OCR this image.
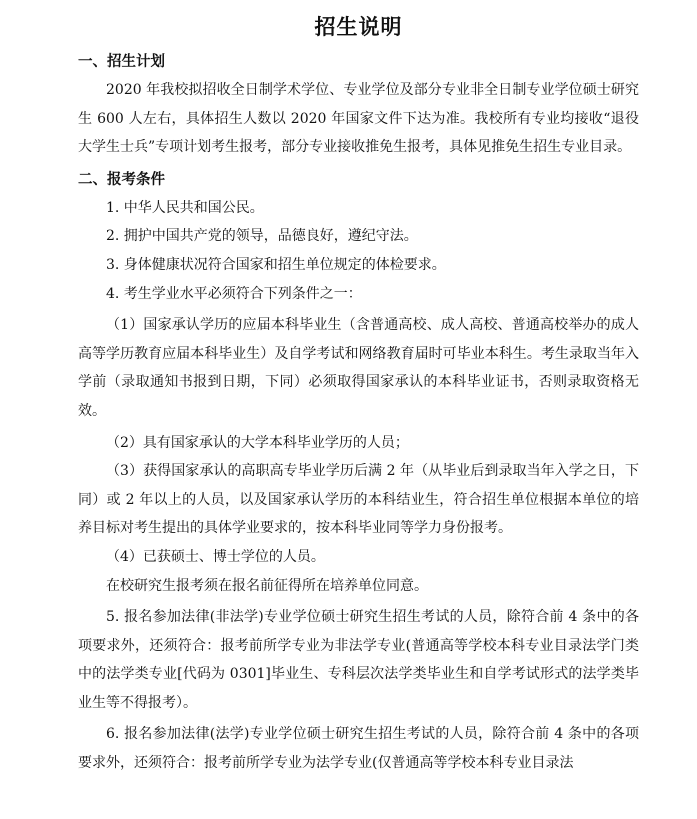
招生说明
一、招生计划
2020 年我校拟招收全日制学术学位、专业学位及部分专业非全日制专业学位硕士研究生 600 人左右，具体招生人数以 2020 年国家文件下达为准。我校所有专业均接收“退役大学生士兵”专项计划考生报考，部分专业接收推免生报考，具体见推免生招生专业目录。
二、报考条件
1. 中华人民共和国公民。
2. 拥护中国共产党的领导，品德良好，遵纪守法。
3. 身体健康状况符合国家和招生单位规定的体检要求。
4. 考生学业水平必须符合下列条件之一：
（1）国家承认学历的应届本科毕业生（含普通高校、成人高校、普通高校举办的成人高等学历教育应届本科毕业生）及自学考试和网络教育届时可毕业本科生。考生录取当年入学前（录取通知书报到日期，下同）必须取得国家承认的本科毕业证书，否则录取资格无效。
（2）具有国家承认的大学本科毕业学历的人员；
（3）获得国家承认的高职高专毕业学历后满 2 年（从毕业后到录取当年入学之日，下同）或 2 年以上的人员，以及国家承认学历的本科结业生，符合招生单位根据本单位的培养目标对考生提出的具体学业要求的，按本科毕业同等学力身份报考。
（4）已获硕士、博士学位的人员。
在校研究生报考须在报名前征得所在培养单位同意。
5. 报名参加法律(非法学)专业学位硕士研究生招生考试的人员，除符合前 4 条中的各项要求外，还须符合：报考前所学专业为非法学专业(普通高等学校本科专业目录法学门类中的法学类专业[代码为 0301]毕业生、专科层次法学类毕业生和自学考试形式的法学类毕业生等不得报考）。
6. 报名参加法律(法学)专业学位硕士研究生招生考试的人员，除符合前 4 条中的各项要求外，还须符合：报考前所学专业为法学专业(仅普通高等学校本科专业目录法
